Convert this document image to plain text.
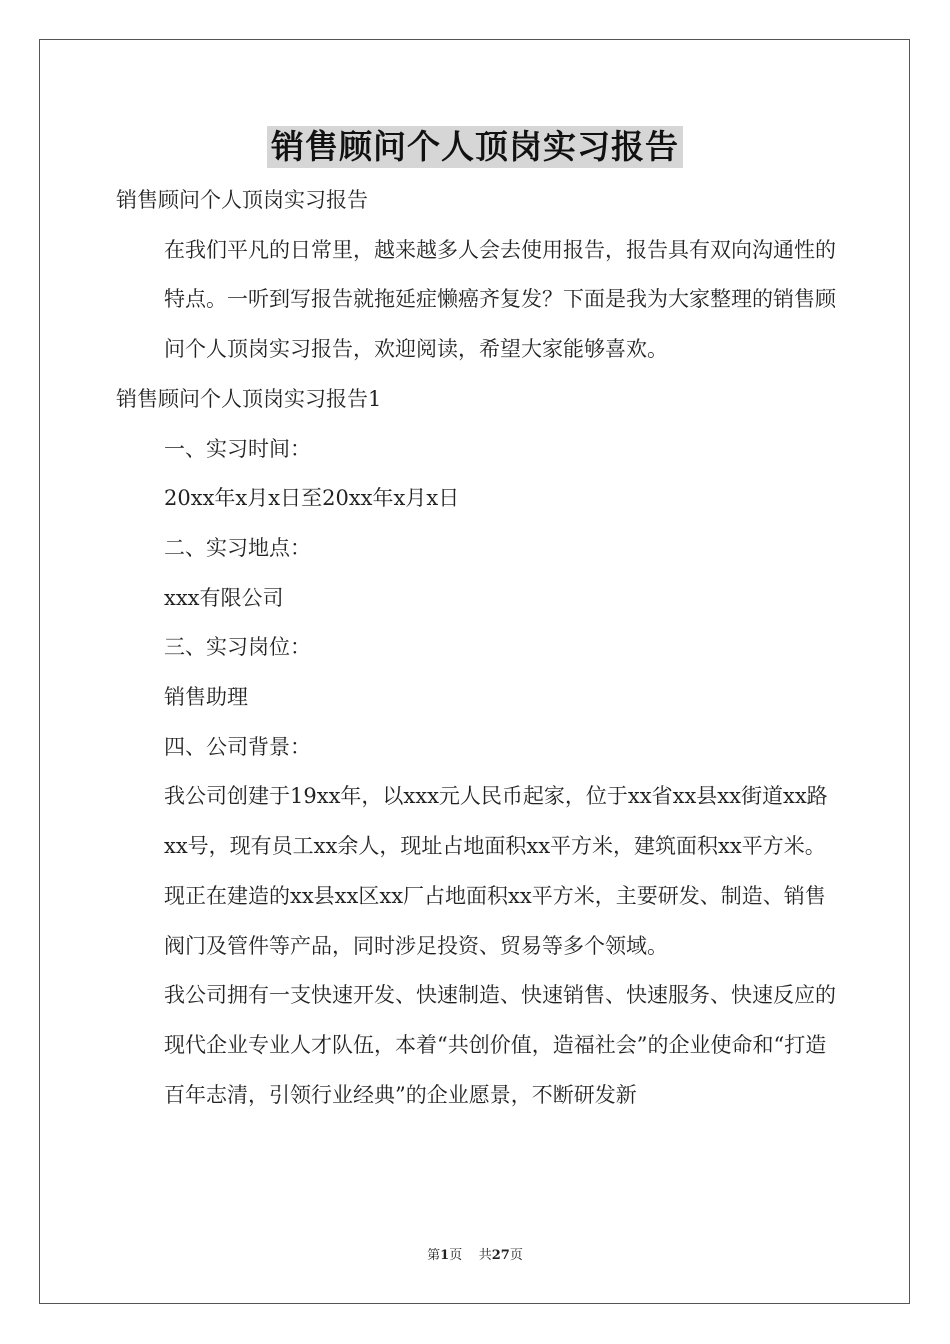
销售顾问个人顶岗实习报告

销售顾问个人顶岗实习报告

在我们平凡的日常里，越来越多人会去使用报告，报告具有双向沟通性的特点。一听到写报告就拖延症懒癌齐复发？下面是我为大家整理的销售顾问个人顶岗实习报告，欢迎阅读，希望大家能够喜欢。

销售顾问个人顶岗实习报告1

一、实习时间：

20xx年x月x日至20xx年x月x日

二、实习地点：

xxx有限公司

三、实习岗位：

销售助理

四、公司背景：

我公司创建于19xx年，以xxx元人民币起家，位于xx省xx县xx街道xx路xx号，现有员工xx余人，现址占地面积xx平方米，建筑面积xx平方米。现正在建造的xx县xx区xx厂占地面积xx平方米，主要研发、制造、销售阀门及管件等产品，同时涉足投资、贸易等多个领域。

我公司拥有一支快速开发、快速制造、快速销售、快速服务、快速反应的现代企业专业人才队伍，本着“共创价值，造福社会”的企业使命和“打造百年志清，引领行业经典”的企业愿景，不断研发新

第1页 共27页
